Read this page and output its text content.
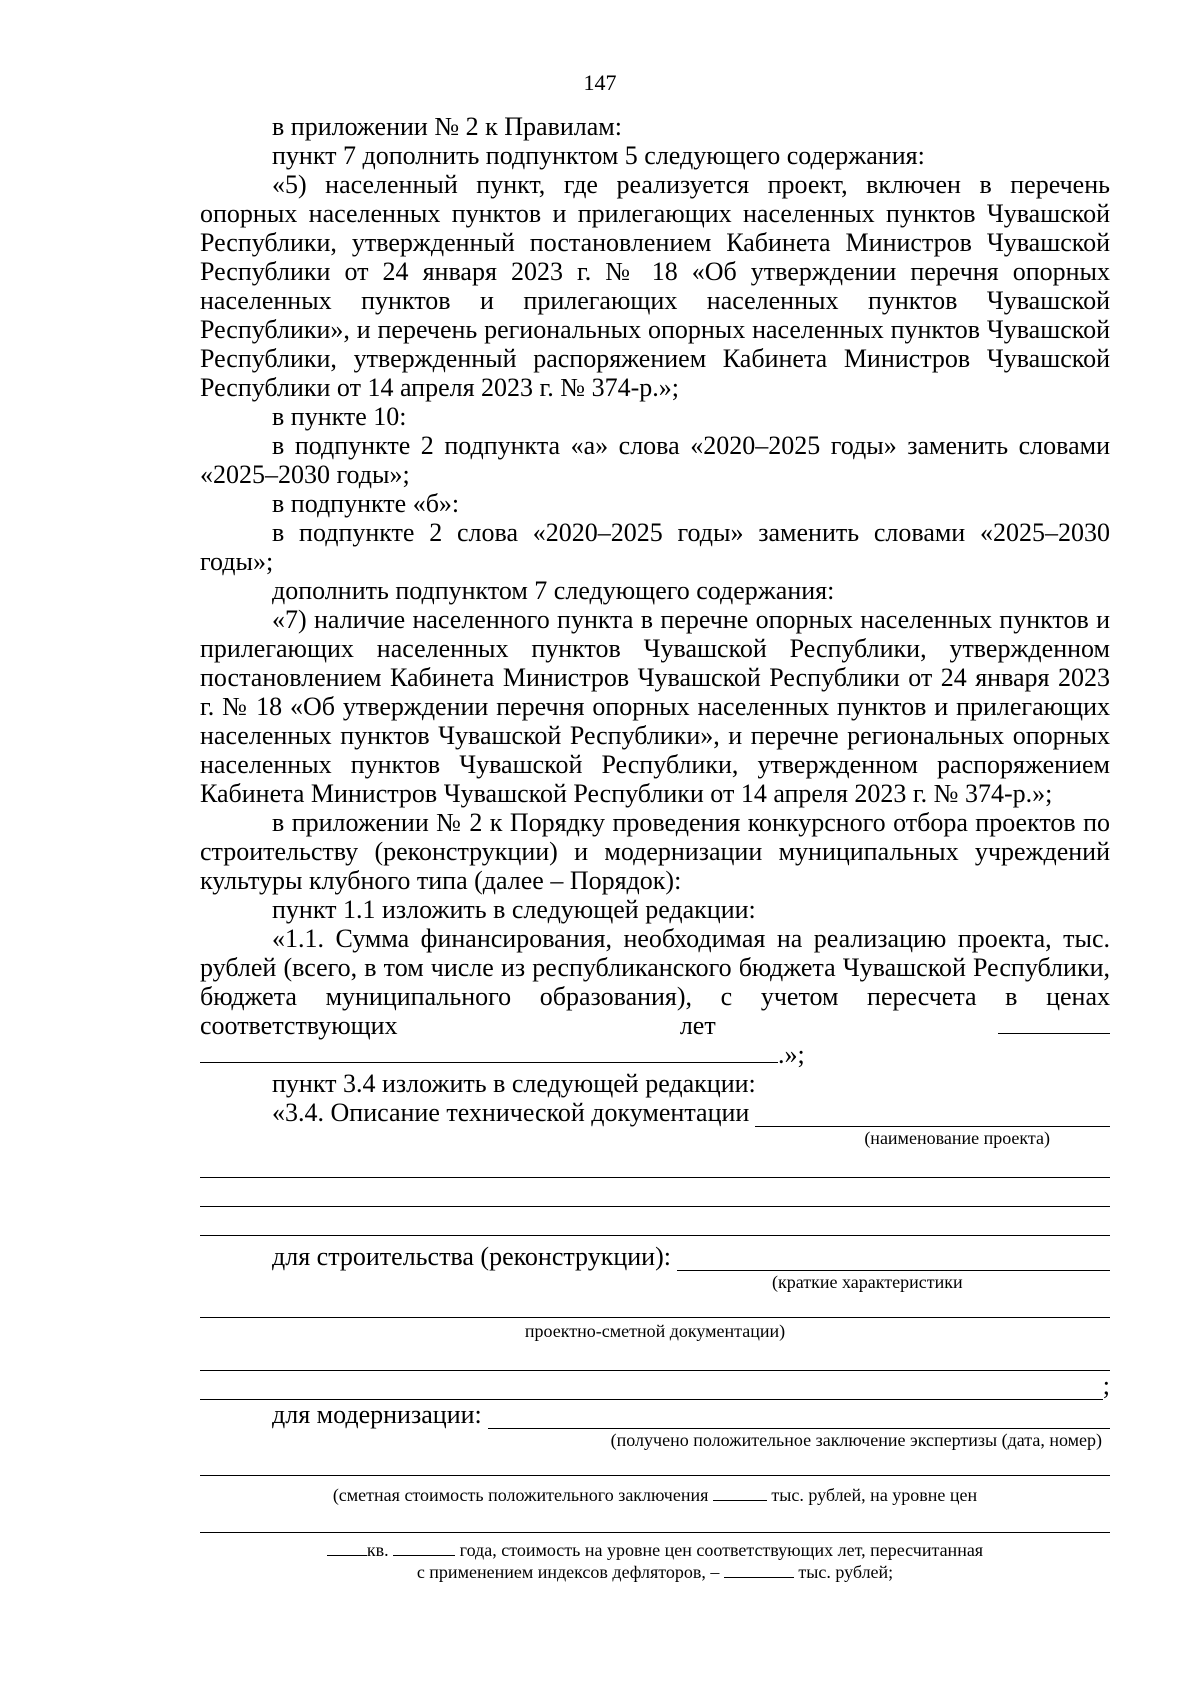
147

в приложении № 2 к Правилам:

пункт 7 дополнить подпунктом 5 следующего содержания:

«5) населенный пункт, где реализуется проект, включен в перечень опорных населенных пунктов и прилегающих населенных пунктов Чувашской Республики, утвержденный постановлением Кабинета Министров Чувашской Республики от 24 января 2023 г. № 18 «Об утверждении перечня опорных населенных пунктов и прилегающих населенных пунктов Чувашской Республики», и перечень региональных опорных населенных пунктов Чувашской Республики, утвержденный распоряжением Кабинета Министров Чувашской Республики от 14 апреля 2023 г. № 374-р.»;

в пункте 10:

в подпункте 2 подпункта «а» слова «2020–2025 годы» заменить словами «2025–2030 годы»;

в подпункте «б»:

в подпункте 2 слова «2020–2025 годы» заменить словами «2025–2030 годы»;

дополнить подпунктом 7 следующего содержания:

«7) наличие населенного пункта в перечне опорных населенных пунктов и прилегающих населенных пунктов Чувашской Республики, утвержденном постановлением Кабинета Министров Чувашской Республики от 24 января 2023 г. № 18 «Об утверждении перечня опорных населенных пунктов и прилегающих населенных пунктов Чувашской Республики», и перечне региональных опорных населенных пунктов Чувашской Республики, утвержденном распоряжением Кабинета Министров Чувашской Республики от 14 апреля 2023 г. № 374-р.»;

в приложении № 2 к Порядку проведения конкурсного отбора проектов по строительству (реконструкции) и модернизации муниципальных учреждений культуры клубного типа (далее – Порядок):

пункт 1.1 изложить в следующей редакции:

«1.1. Сумма финансирования, необходимая на реализацию проекта, тыс. рублей (всего, в том числе из республиканского бюджета Чувашской Республики, бюджета муниципального образования), с учетом пересчета в ценах соответствующих лет  .»;

пункт 3.4 изложить в следующей редакции:

«3.4. Описание технической документации

(наименование проекта)

для строительства (реконструкции):

(краткие характеристики

проектно-сметной документации)

;
для модернизации:

(получено положительное заключение экспертизы (дата, номер)

(сметная стоимость положительного заключения	тыс. рублей, на уровне цен

кв.	года, стоимость на уровне цен соответствующих лет, пересчитанная

с применением индексов дефляторов, –	тыс. рублей;
